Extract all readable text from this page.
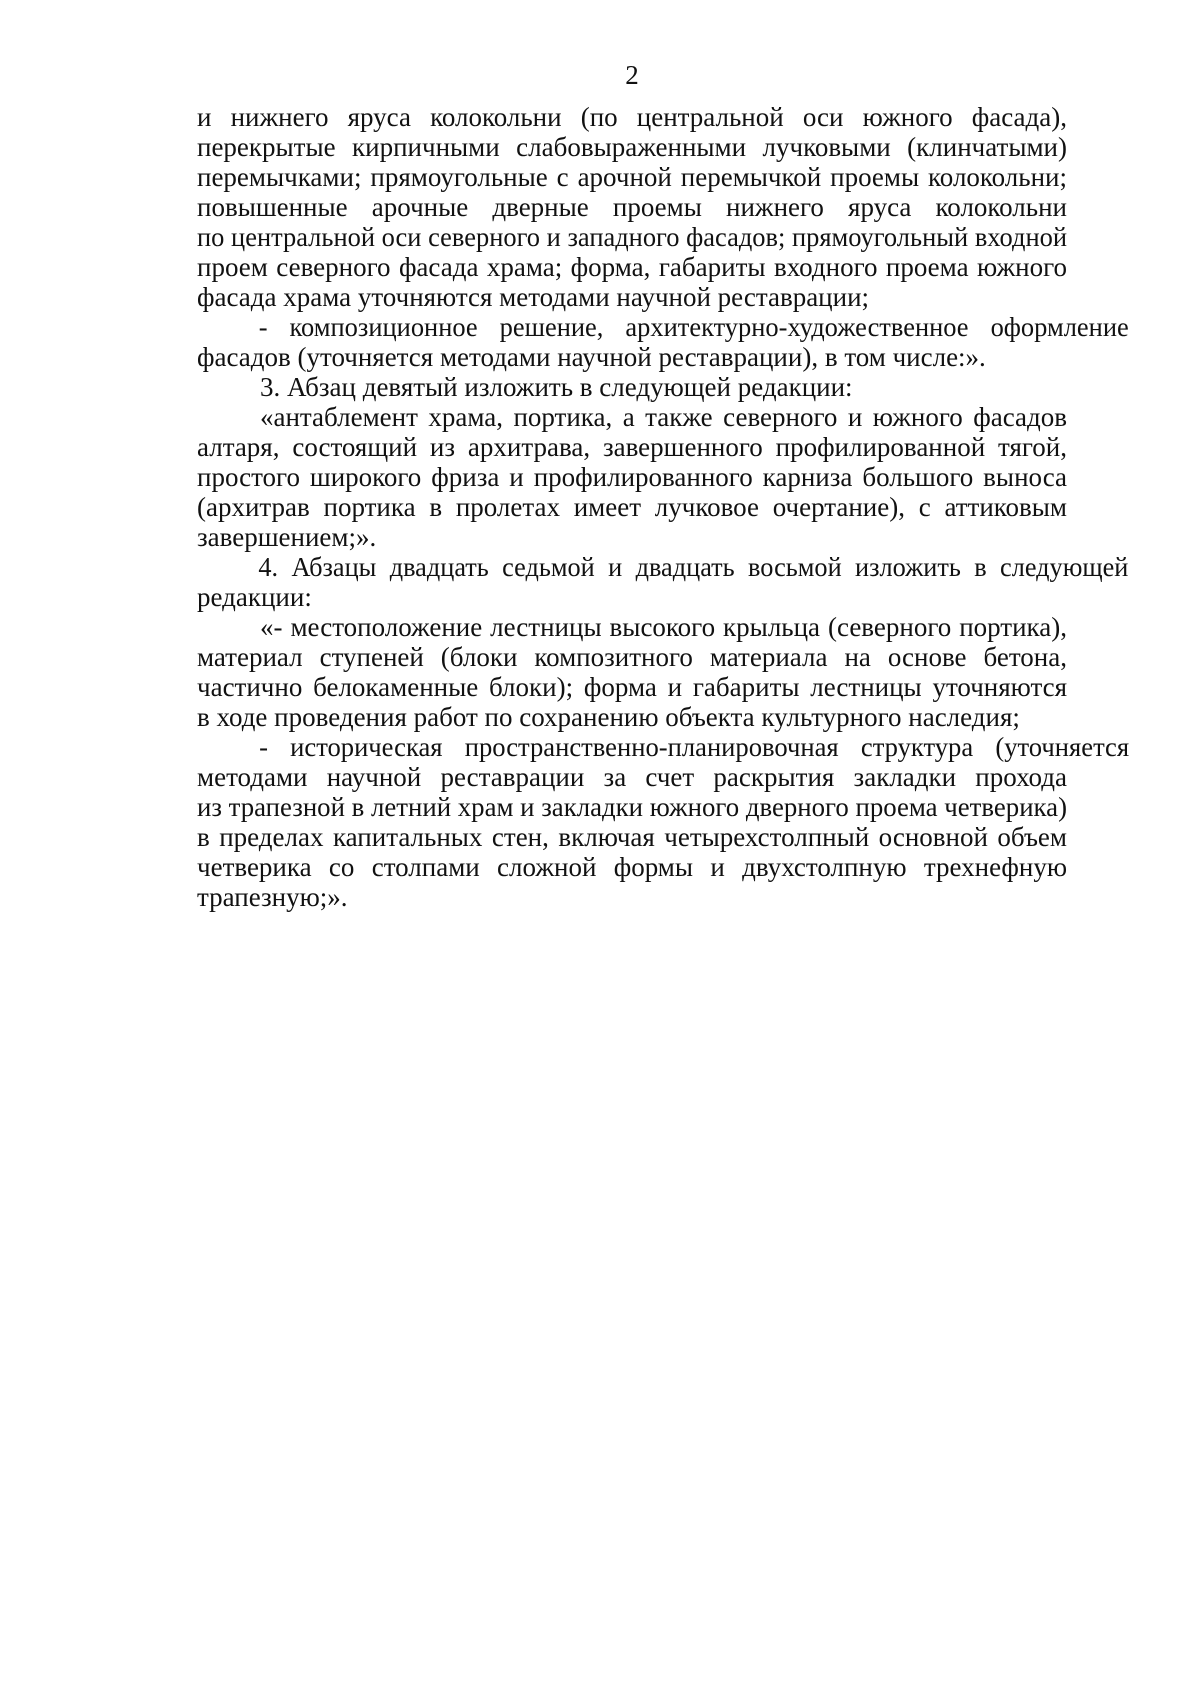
2
и нижнего яруса колокольни (по центральной оси южного фасада),
перекрытые кирпичными слабовыраженными лучковыми (клинчатыми)
перемычками; прямоугольные с арочной перемычкой проемы колокольни;
повышенные арочные дверные проемы нижнего яруса колокольни
по центральной оси северного и западного фасадов; прямоугольный входной
проем северного фасада храма; форма, габариты входного проема южного
фасада храма уточняются методами научной реставрации;
- композиционное решение, архитектурно-художественное оформление
фасадов (уточняется методами научной реставрации), в том числе:».
3. Абзац девятый изложить в следующей редакции:
«антаблемент храма, портика, а также северного и южного фасадов
алтаря, состоящий из архитрава, завершенного профилированной тягой,
простого широкого фриза и профилированного карниза большого выноса
(архитрав портика в пролетах имеет лучковое очертание), с аттиковым
завершением;».
4. Абзацы двадцать седьмой и двадцать восьмой изложить в следующей
редакции:
«- местоположение лестницы высокого крыльца (северного портика),
материал ступеней (блоки композитного материала на основе бетона,
частично белокаменные блоки); форма и габариты лестницы уточняются
в ходе проведения работ по сохранению объекта культурного наследия;
- историческая пространственно-планировочная структура (уточняется
методами научной реставрации за счет раскрытия закладки прохода
из трапезной в летний храм и закладки южного дверного проема четверика)
в пределах капитальных стен, включая четырехстолпный основной объем
четверика со столпами сложной формы и двухстолпную трехнефную
трапезную;».
